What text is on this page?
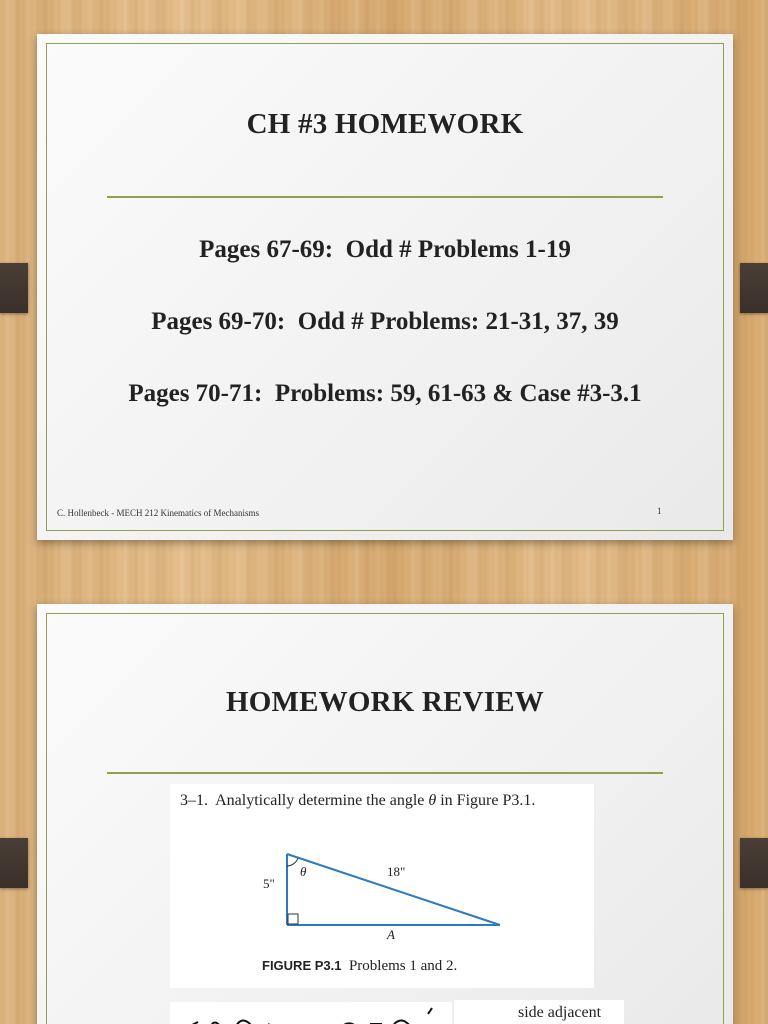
CH #3 HOMEWORK
Pages 67-69:  Odd # Problems 1-19
Pages 69-70:  Odd # Problems: 21-31, 37, 39
Pages 70-71:  Problems: 59, 61-63 & Case #3-3.1
C. Hollenbeck - MECH 212 Kinematics of Mechanisms	1
HOMEWORK REVIEW
3–1.  Analytically determine the angle θ in Figure P3.1.
5"
18"
θ
A
FIGURE P3.1  Problems 1 and 2.
side adjacent
